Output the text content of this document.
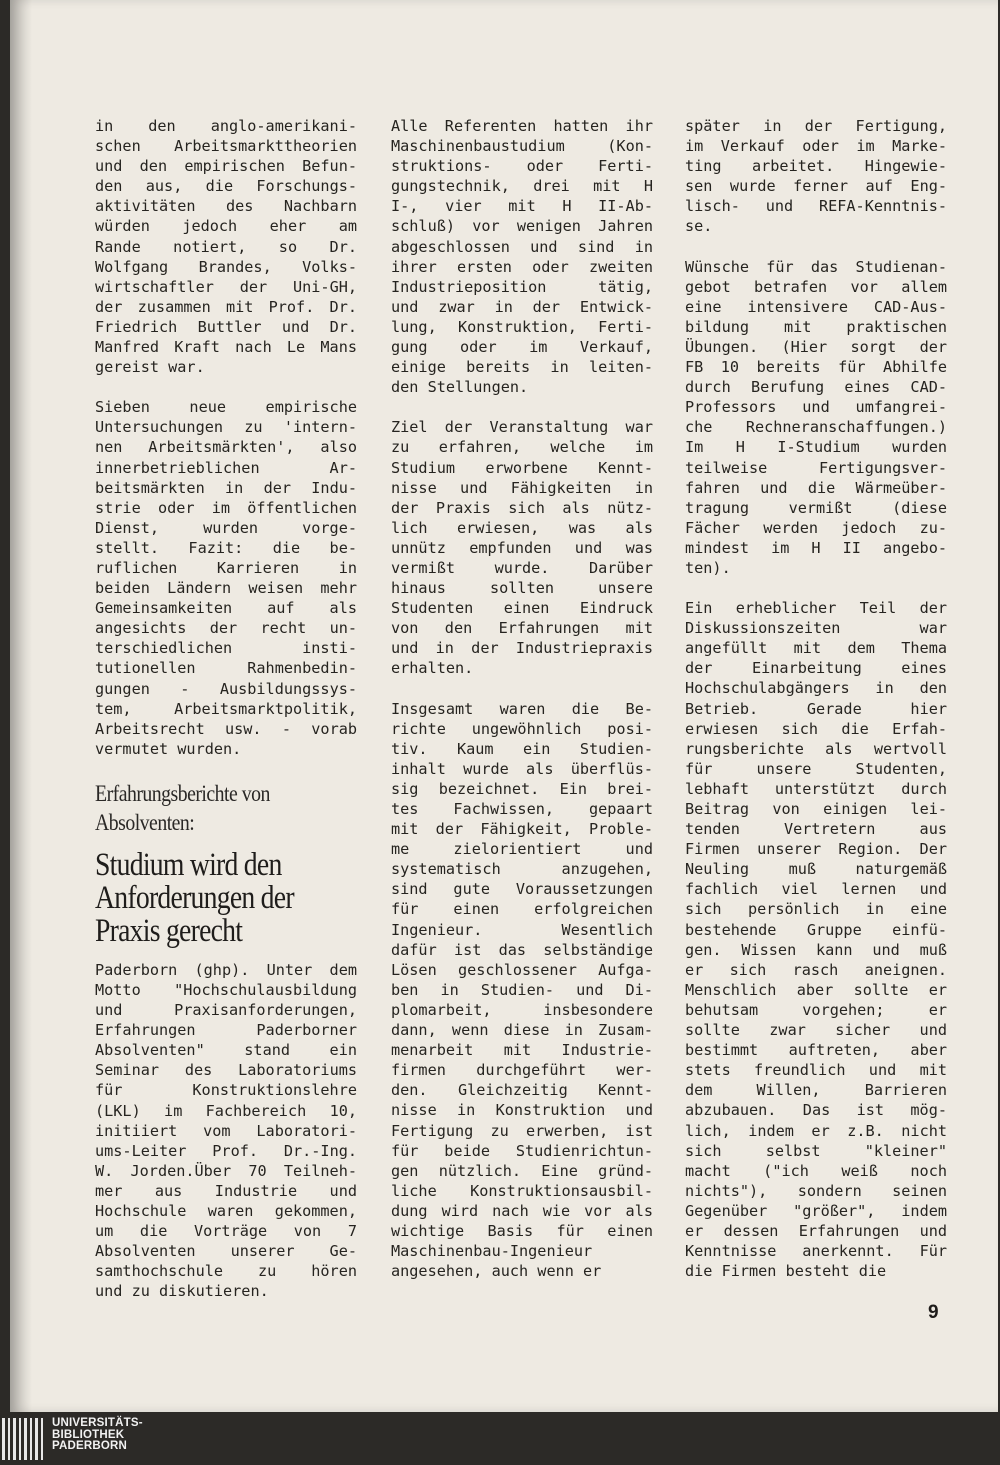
in den anglo-amerikani-
schen Arbeitsmarkttheorien
und den empirischen Befun-
den aus, die Forschungs-
aktivitäten des Nachbarn
würden jedoch eher am
Rande notiert, so Dr.
Wolfgang Brandes, Volks-
wirtschaftler der Uni-GH,
der zusammen mit Prof. Dr.
Friedrich Buttler und Dr.
Manfred Kraft nach Le Mans
gereist war.

Sieben neue empirische
Untersuchungen zu 'intern-
nen Arbeitsmärkten', also
innerbetrieblichen Ar-
beitsmärkten in der Indu-
strie oder im öffentlichen
Dienst, wurden vorge-
stellt. Fazit: die be-
ruflichen Karrieren in
beiden Ländern weisen mehr
Gemeinsamkeiten auf als
angesichts der recht un-
terschiedlichen insti-
tutionellen Rahmenbedin-
gungen - Ausbildungssys-
tem, Arbeitsmarktpolitik,
Arbeitsrecht usw. - vorab
vermutet wurden.

Erfahrungsberichte von
Absolventen:
Studium wird den
Anforderungen der
Praxis gerecht

Paderborn (ghp). Unter dem
Motto "Hochschulausbildung
und Praxisanforderungen,
Erfahrungen Paderborner
Absolventen" stand ein
Seminar des Laboratoriums
für Konstruktionslehre
(LKL) im Fachbereich 10,
initiiert vom Laboratori-
ums-Leiter Prof. Dr.-Ing.
W. Jorden.Über 70 Teilneh-
mer aus Industrie und
Hochschule waren gekommen,
um die Vorträge von 7
Absolventen unserer Ge-
samthochschule zu hören
und zu diskutieren.

Alle Referenten hatten ihr
Maschinenbaustudium (Kon-
struktions- oder Ferti-
gungstechnik, drei mit H
I-, vier mit H II-Ab-
schluß) vor wenigen Jahren
abgeschlossen und sind in
ihrer ersten oder zweiten
Industrieposition tätig,
und zwar in der Entwick-
lung, Konstruktion, Ferti-
gung oder im Verkauf,
einige bereits in leiten-
den Stellungen.

Ziel der Veranstaltung war
zu erfahren, welche im
Studium erworbene Kennt-
nisse und Fähigkeiten in
der Praxis sich als nütz-
lich erwiesen, was als
unnütz empfunden und was
vermißt wurde. Darüber
hinaus sollten unsere
Studenten einen Eindruck
von den Erfahrungen mit
und in der Industriepraxis
erhalten.

Insgesamt waren die Be-
richte ungewöhnlich posi-
tiv. Kaum ein Studien-
inhalt wurde als überflüs-
sig bezeichnet. Ein brei-
tes Fachwissen, gepaart
mit der Fähigkeit, Proble-
me zielorientiert und
systematisch anzugehen,
sind gute Voraussetzungen
für einen erfolgreichen
Ingenieur. Wesentlich
dafür ist das selbständige
Lösen geschlossener Aufga-
ben in Studien- und Di-
plomarbeit, insbesondere
dann, wenn diese in Zusam-
menarbeit mit Industrie-
firmen durchgeführt wer-
den. Gleichzeitig Kennt-
nisse in Konstruktion und
Fertigung zu erwerben, ist
für beide Studienrichtun-
gen nützlich. Eine gründ-
liche Konstruktionsausbil-
dung wird nach wie vor als
wichtige Basis für einen
Maschinenbau-Ingenieur
angesehen, auch wenn er

später in der Fertigung,
im Verkauf oder im Marke-
ting arbeitet. Hingewie-
sen wurde ferner auf Eng-
lisch- und REFA-Kenntnis-
se.

Wünsche für das Studienan-
gebot betrafen vor allem
eine intensivere CAD-Aus-
bildung mit praktischen
Übungen. (Hier sorgt der
FB 10 bereits für Abhilfe
durch Berufung eines CAD-
Professors und umfangrei-
che Rechneranschaffungen.)
Im H I-Studium wurden
teilweise Fertigungsver-
fahren und die Wärmeüber-
tragung vermißt (diese
Fächer werden jedoch zu-
mindest im H II angebo-
ten).

Ein erheblicher Teil der
Diskussionszeiten war
angefüllt mit dem Thema
der Einarbeitung eines
Hochschulabgängers in den
Betrieb. Gerade hier
erwiesen sich die Erfah-
rungsberichte als wertvoll
für unsere Studenten,
lebhaft unterstützt durch
Beitrag von einigen lei-
tenden Vertretern aus
Firmen unserer Region. Der
Neuling muß naturgemäß
fachlich viel lernen und
sich persönlich in eine
bestehende Gruppe einfü-
gen. Wissen kann und muß
er sich rasch aneignen.
Menschlich aber sollte er
behutsam vorgehen; er
sollte zwar sicher und
bestimmt auftreten, aber
stets freundlich und mit
dem Willen, Barrieren
abzubauen. Das ist mög-
lich, indem er z.B. nicht
sich selbst "kleiner"
macht ("ich weiß noch
nichts"), sondern seinen
Gegenüber "größer", indem
er dessen Erfahrungen und
Kenntnisse anerkennt. Für
die Firmen besteht die

9
UNIVERSITÄTS-
BIBLIOTHEK
PADERBORN
